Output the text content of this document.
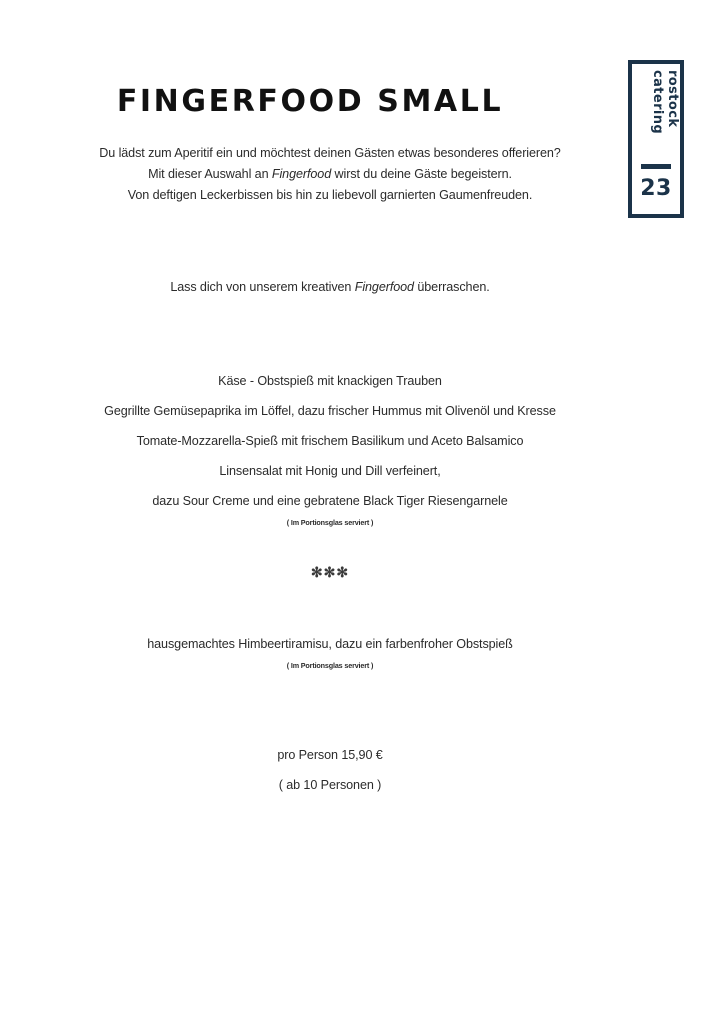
FINGERFOOD SMALL	rostock
catering
23
Du lädst zum Aperitif ein und möchtest deinen Gästen etwas besonderes offerieren?
Mit dieser Auswahl an Fingerfood wirst du deine Gäste begeistern.
Von deftigen Leckerbissen bis hin zu liebevoll garnierten Gaumenfreuden.
Lass dich von unserem kreativen Fingerfood überraschen.
Käse - Obstspieß mit knackigen Trauben
Gegrillte Gemüsepaprika im Löffel, dazu frischer Hummus mit Olivenöl und Kresse
Tomate-Mozzarella-Spieß mit frischem Basilikum und Aceto Balsamico
Linsensalat mit Honig und Dill verfeinert,
dazu Sour Creme und eine gebratene Black Tiger Riesengarnele
( Im Portionsglas serviert )
✻✻✻
hausgemachtes Himbeertiramisu, dazu ein farbenfroher Obstspieß
( Im Portionsglas serviert )
pro Person 15,90 €
( ab 10 Personen )
